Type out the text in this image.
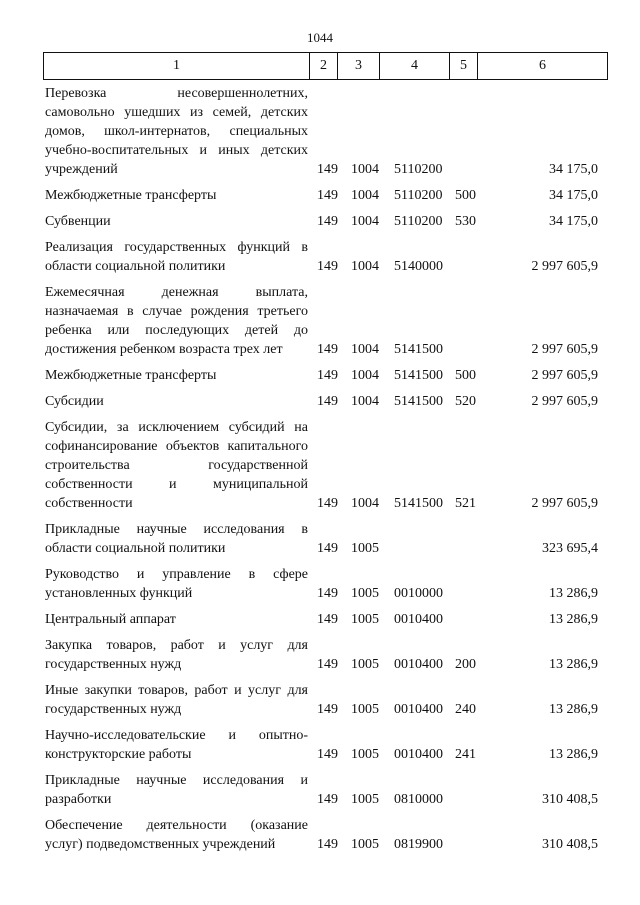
1044
1	2	3	4	5	6
Перевозка несовершеннолетних, самовольно ушедших из семей, детских домов, школ-интернатов, специальных учебно-воспитательных и иных детских учреждений	149 1004 5110200	34 175,0
Межбюджетные трансферты	149 1004 5110200 500	34 175,0
Субвенции	149 1004 5110200 530	34 175,0
Реализация государственных функций в области социальной политики	149 1004 5140000	2 997 605,9
Ежемесячная денежная выплата, назначаемая в случае рождения третьего ребенка или последующих детей до достижения ребенком возраста трех лет	149 1004 5141500	2 997 605,9
Межбюджетные трансферты	149 1004 5141500 500	2 997 605,9
Субсидии	149 1004 5141500 520	2 997 605,9
Субсидии, за исключением субсидий на софинансирование объектов капитального строительства государственной собственности и муниципальной собственности	149 1004 5141500 521	2 997 605,9
Прикладные научные исследования в области социальной политики	149 1005	323 695,4
Руководство и управление в сфере установленных функций	149 1005 0010000	13 286,9
Центральный аппарат	149 1005 0010400	13 286,9
Закупка товаров, работ и услуг для государственных нужд	149 1005 0010400 200	13 286,9
Иные закупки товаров, работ и услуг для государственных нужд	149 1005 0010400 240	13 286,9
Научно-исследовательские и опытно-конструкторские работы	149 1005 0010400 241	13 286,9
Прикладные научные исследования и разработки	149 1005 0810000	310 408,5
Обеспечение деятельности (оказание услуг) подведомственных учреждений	149 1005 0819900	310 408,5
